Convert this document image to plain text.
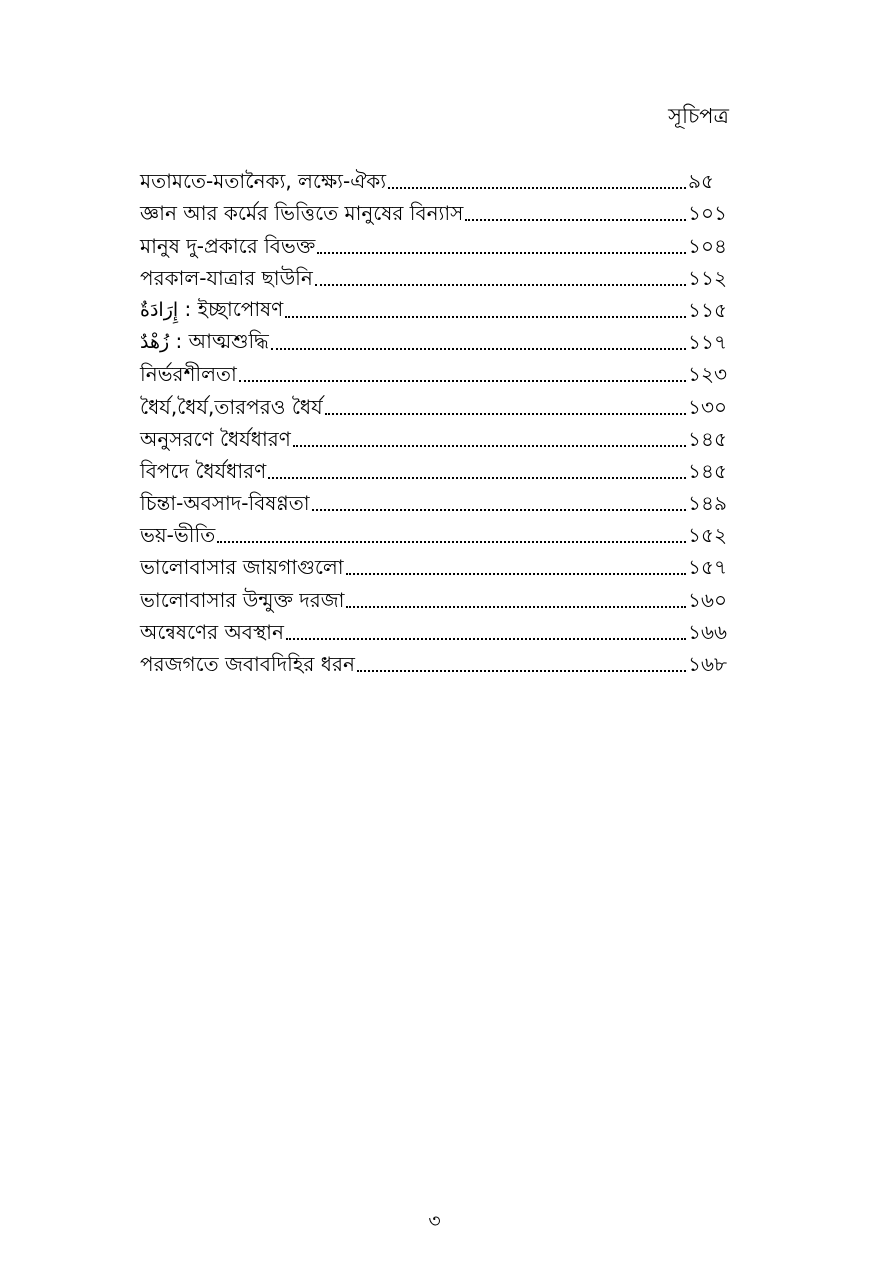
সূচিপত্র
মতামতে-মতানৈক্য, লক্ষ্যে-ঐক্য	৯৫
জ্ঞান আর কর্মের ভিত্তিতে মানুষের বিন্যাস	১০১
মানুষ দু-প্রকারে বিভক্ত	১০৪
পরকাল-যাত্রার ছাউনি	১১২
إِرَادَةٌ : ইচ্ছাপোষণ	১১৫
زُهْدٌ : আত্মশুদ্ধি	১১৭
নির্ভরশীলতা	১২৩
ধৈর্য,ধৈর্য,তারপরও ধৈর্য	১৩০
অনুসরণে ধৈর্যধারণ	১৪৫
বিপদে ধৈর্যধারণ	১৪৫
চিন্তা-অবসাদ-বিষণ্ণতা	১৪৯
ভয়-ভীতি	১৫২
ভালোবাসার জায়গাগুলো	১৫৭
ভালোবাসার উন্মুক্ত দরজা	১৬০
অন্বেষণের অবস্থান	১৬৬
পরজগতে জবাবদিহির ধরন	১৬৮
৩
